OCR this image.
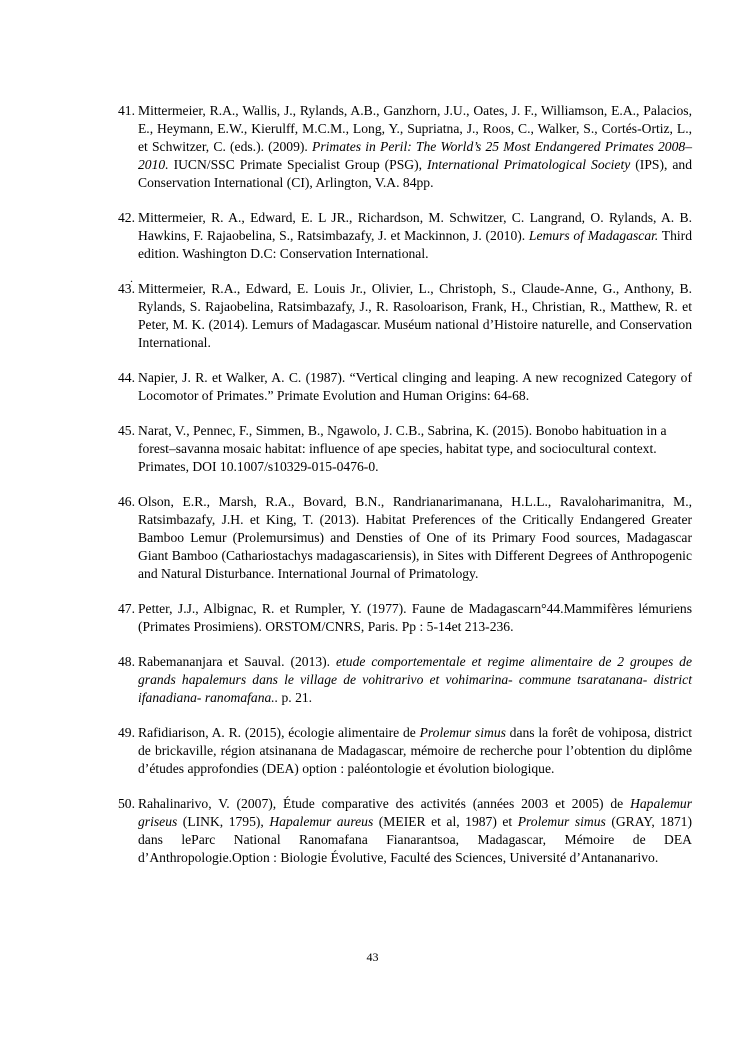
41. Mittermeier, R.A., Wallis, J., Rylands, A.B., Ganzhorn, J.U., Oates, J. F., Williamson, E.A., Palacios, E., Heymann, E.W., Kierulff, M.C.M., Long, Y., Supriatna, J., Roos, C., Walker, S., Cortés-Ortiz, L., et Schwitzer, C. (eds.). (2009). Primates in Peril: The World’s 25 Most Endangered Primates 2008–2010. IUCN/SSC Primate Specialist Group (PSG), International Primatological Society (IPS), and Conservation International (CI), Arlington, V.A. 84pp.
42. Mittermeier, R. A., Edward, E. L JR., Richardson, M. Schwitzer, C. Langrand, O. Rylands, A. B. Hawkins, F. Rajaobelina, S., Ratsimbazafy, J. et Mackinnon, J. (2010). Lemurs of Madagascar. Third edition. Washington D.C: Conservation International.
43. Mittermeier, R.A., Edward, E. Louis Jr., Olivier, L., Christoph, S., Claude-Anne, G., Anthony, B. Rylands, S. Rajaobelina, Ratsimbazafy, J., R. Rasoloarison, Frank, H., Christian, R., Matthew, R. et Peter, M. K. (2014). Lemurs of Madagascar. Muséum national d’Histoire naturelle, and Conservation International.
44. Napier, J. R. et Walker, A. C. (1987). “Vertical clinging and leaping. A new recognized Category of Locomotor of Primates.” Primate Evolution and Human Origins: 64-68.
45. Narat, V., Pennec, F., Simmen, B., Ngawolo, J. C.B., Sabrina, K. (2015). Bonobo habituation in a forest–savanna mosaic habitat: influence of ape species, habitat type, and sociocultural context. Primates, DOI 10.1007/s10329-015-0476-0.
46. Olson, E.R., Marsh, R.A., Bovard, B.N., Randrianarimanana, H.L.L., Ravaloharimanitra, M., Ratsimbazafy, J.H. et King, T. (2013). Habitat Preferences of the Critically Endangered Greater Bamboo Lemur (Prolemursimus) and Densties of One of its Primary Food sources, Madagascar Giant Bamboo (Cathariostachys madagascariensis), in Sites with Different Degrees of Anthropogenic and Natural Disturbance. International Journal of Primatology.
47. Petter, J.J., Albignac, R. et Rumpler, Y. (1977). Faune de Madagascarn°44.Mammifères lémuriens (Primates Prosimiens). ORSTOM/CNRS, Paris. Pp : 5-14et 213-236.
48. Rabemananjara et Sauval. (2013). etude comportementale et regime alimentaire de 2 groupes de grands hapalemurs dans le village de vohitrarivo et vohimarina- commune tsaratanana- district ifanadiana- ranomafana.. p. 21.
49. Rafidiarison, A. R. (2015), écologie alimentaire de Prolemur simus dans la forêt de vohiposa, district de brickaville, région atsinanana de Madagascar, mémoire de recherche pour l’obtention du diplôme d’études approfondies (DEA) option : paléontologie et évolution biologique.
50. Rahalinarivo, V. (2007), Étude comparative des activités (années 2003 et 2005) de Hapalemur griseus (LINK, 1795), Hapalemur aureus (MEIER et al, 1987) et Prolemur simus (GRAY, 1871) dans leParc National Ranomafana Fianarantsoa, Madagascar, Mémoire de DEA d’Anthropologie.Option : Biologie Évolutive, Faculté des Sciences, Université d’Antananarivo.
.
43
